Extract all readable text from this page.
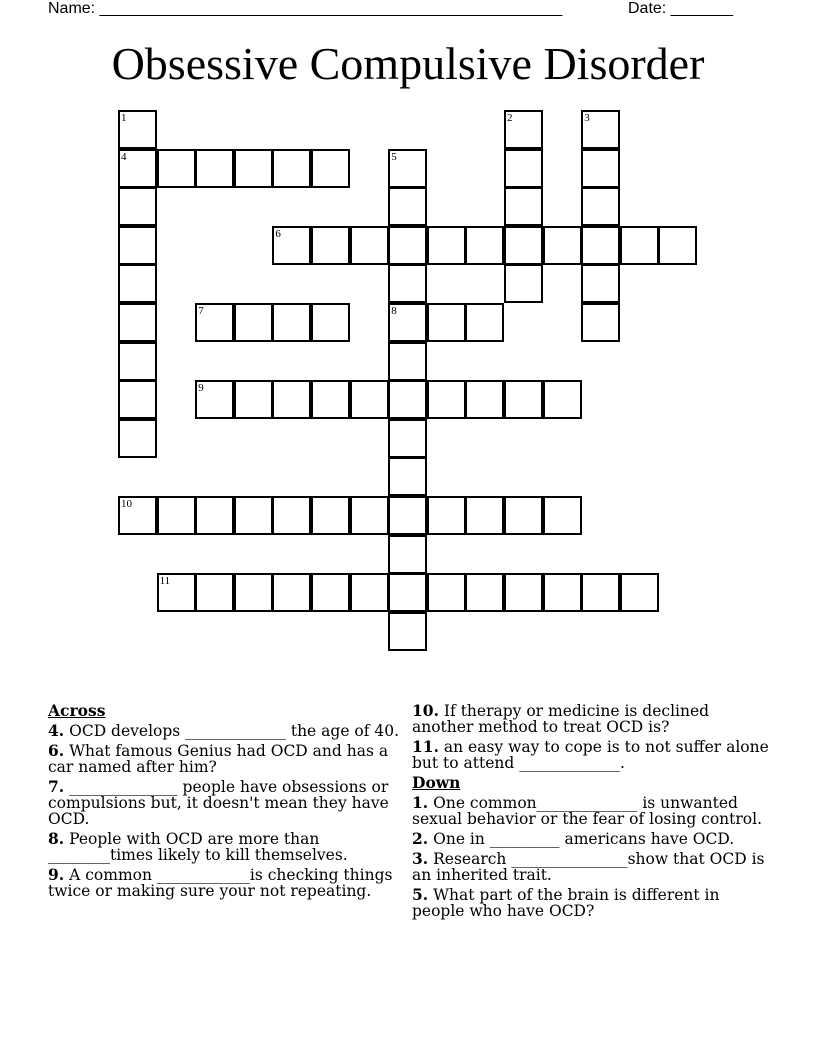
Name: ____________________________________________________	Date: _______
Obsessive Compulsive Disorder
1
4
2	3
5
8
6
7
9
10
11
Across
4. OCD develops _____________ the age of 40.
6. What famous Genius had OCD and has a car named after him?
7. ______________ people have obsessions or compulsions but, it doesn't mean they have OCD.
8. People with OCD are more than ________times likely to kill themselves.
9. A common ____________is checking things twice or making sure your not repeating.
10. If therapy or medicine is declined another method to treat OCD is?
11. an easy way to cope is to not suffer alone but to attend _____________.
Down
1. One common_____________ is unwanted sexual behavior or the fear of losing control.
2. One in _________ americans have OCD.
3. Research _______________show that OCD is an inherited trait.
5. What part of the brain is different in people who have OCD?
